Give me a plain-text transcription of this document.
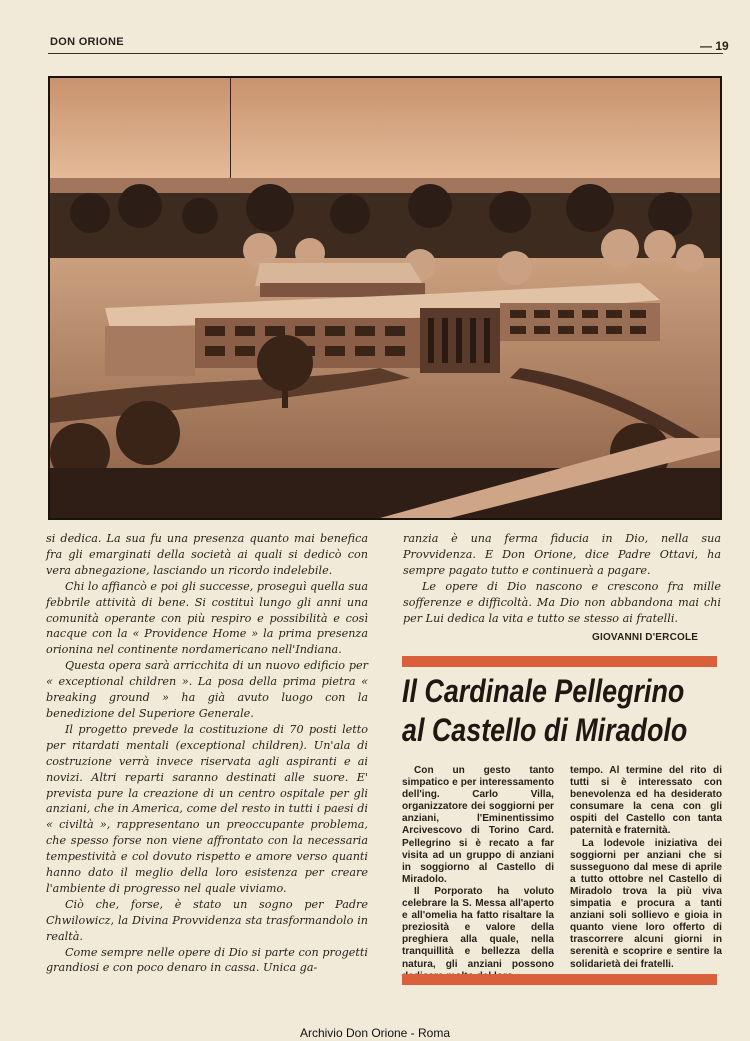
DON ORIONE	— 19

si dedica. La sua fu una presenza quanto mai benefica fra gli emarginati della società ai quali si dedicò con vera abnegazione, lasciando un ricordo indelebile.

Chi lo affiancò e poi gli successe, proseguì quella sua febbrile attività di bene. Si costituì lungo gli anni una comunità operante con più respiro e possibilità e così nacque con la « Providence Home » la prima presenza orionina nel continente nordamericano nell'Indiana.

Questa opera sarà arricchita di un nuovo edificio per « exceptional children ». La posa della prima pietra « breaking ground » ha già avuto luogo con la benedizione del Superiore Generale.

Il progetto prevede la costituzione di 70 posti letto per ritardati mentali (exceptional children). Un'ala di costruzione verrà invece riservata agli aspiranti e ai novizi. Altri reparti saranno destinati alle suore. E' prevista pure la creazione di un centro ospitale per gli anziani, che in America, come del resto in tutti i paesi di « civiltà », rappresentano un preoccupante problema, che spesso forse non viene affrontato con la necessaria tempestività e col dovuto rispetto e amore verso quanti hanno dato il meglio della loro esistenza per creare l'ambiente di progresso nel quale viviamo.

Ciò che, forse, è stato un sogno per Padre Chwilowicz, la Divina Provvidenza sta trasformandolo in realtà.

Come sempre nelle opere di Dio si parte con progetti grandiosi e con poco denaro in cassa. Unica ga-

ranzia è una ferma fiducia in Dio, nella sua Provvidenza. E Don Orione, dice Padre Ottavi, ha sempre pagato tutto e continuerà a pagare.

Le opere di Dio nascono e crescono fra mille sofferenze e difficoltà. Ma Dio non abbandona mai chi per Lui dedica la vita e tutto se stesso ai fratelli.

GIOVANNI D'ERCOLE
Il Cardinale Pellegrino
al Castello di Miradolo

Con un gesto tanto simpatico e per interessamento dell'ing. Carlo Villa, organizzatore dei soggiorni per anziani, l'Eminentissimo Arcivescovo di Torino Card. Pellegrino si è recato a far visita ad un gruppo di anziani in soggiorno al Castello di Miradolo.

Il Porporato ha voluto celebrare la S. Messa all'aperto e all'omelia ha fatto risaltare la preziosità e valore della preghiera alla quale, nella tranquillità e bellezza della natura, gli anziani possono

tempo. Al termine del rito di tutti si è interessato con benevolenza ed ha desiderato consumare la cena con gli ospiti del Castello con tanta paternità e fraternità.

La lodevole iniziativa dei soggiorni per anziani che si susseguono dal mese di aprile a tutto ottobre nel Castello di Miradolo trova la più viva simpatia e procura a tanti anziani soli sollievo e gioia in quanto viene loro offerto di trascorrere alcuni giorni in serenità e scoprire e sentire la solidarietà dei fratelli.

Archivio Don Orione - Roma
